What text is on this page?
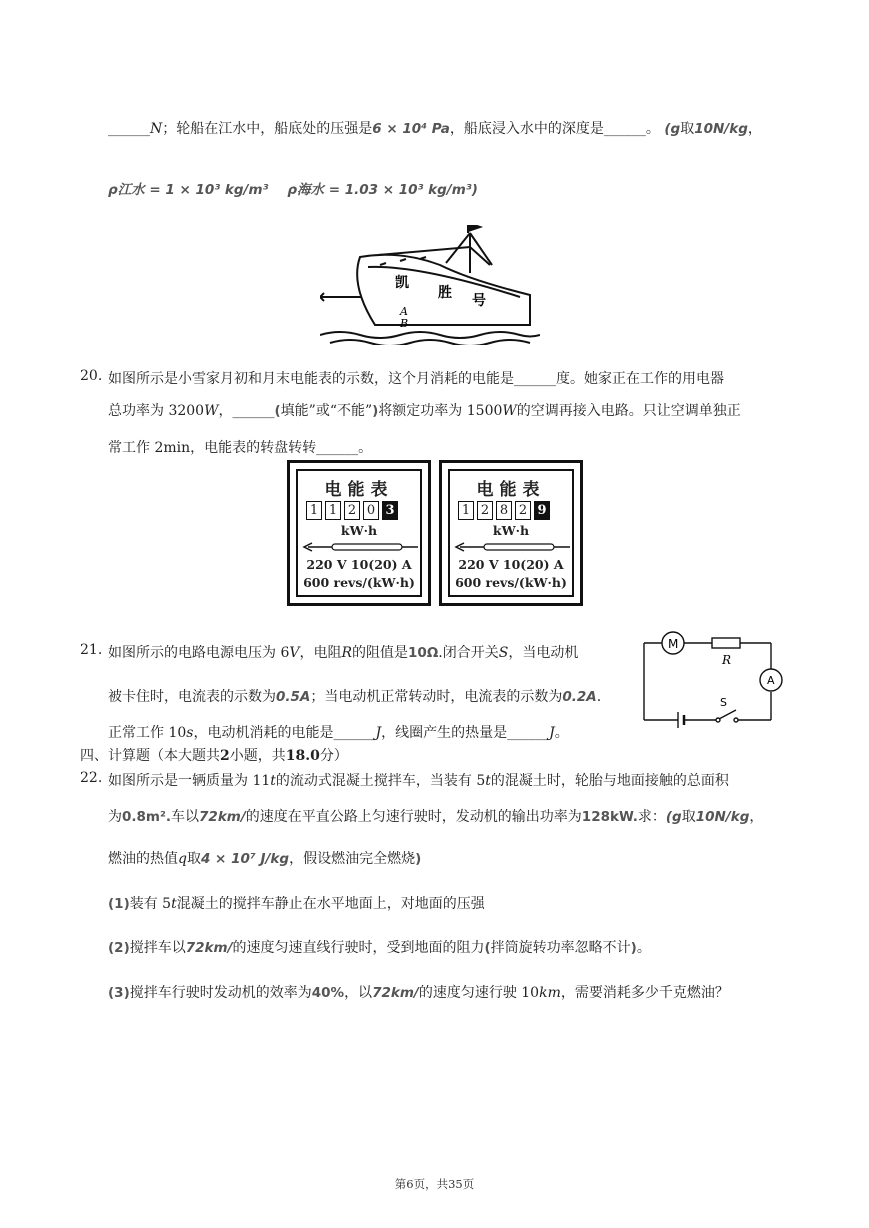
______N；轮船在江水中，船底处的压强是6 × 10⁴ Pa，船底浸入水中的深度是______。 (g取10N/kg，
ρ江水 = 1 × 10³ kg/m³ ρ海水 = 1.03 × 10³ kg/m³)
凯
胜 号
A
B
20. 如图所示是小雪家月初和月末电能表的示数，这个月消耗的电能是______度。她家正在工作的用电器
总功率为 3200W，______(填能”或“不能”)将额定功率为 1500W的空调再接入电路。只让空调单独正
常工作 2min，电能表的转盘转转______。
电能表
1 1 2 0 3
kW·h
220 V 10(20) A
600 revs/(kW·h)
电能表
1 2 8 2 9
kW·h
220 V 10(20) A
600 revs/(kW·h)
21. 如图所示的电路电源电压为 6V，电阻R的阻值是10Ω.闭合开关S，当电动机
被卡住时，电流表的示数为0.5A；当电动机正常转动时，电流表的示数为0.2A.
正常工作 10s，电动机消耗的电能是______J，线圈产生的热量是______J。
M
R
A
S
四、计算题（本大题共2小题，共18.0分）
22. 如图所示是一辆质量为 11t的流动式混凝土搅拌车，当装有 5t的混凝土时，轮胎与地面接触的总面积
为0.8m².车以72km/的速度在平直公路上匀速行驶时，发动机的输出功率为128kW.求：(g取10N/kg，
燃油的热值q取4 × 10⁷ J/kg，假设燃油完全燃烧)
(1)装有 5t混凝土的搅拌车静止在水平地面上，对地面的压强
(2)搅拌车以72km/的速度匀速直线行驶时，受到地面的阻力(拌筒旋转功率忽略不计)。
(3)搅拌车行驶时发动机的效率为40%，以72km/的速度匀速行驶 10km，需要消耗多少千克燃油？
第6页，共35页
